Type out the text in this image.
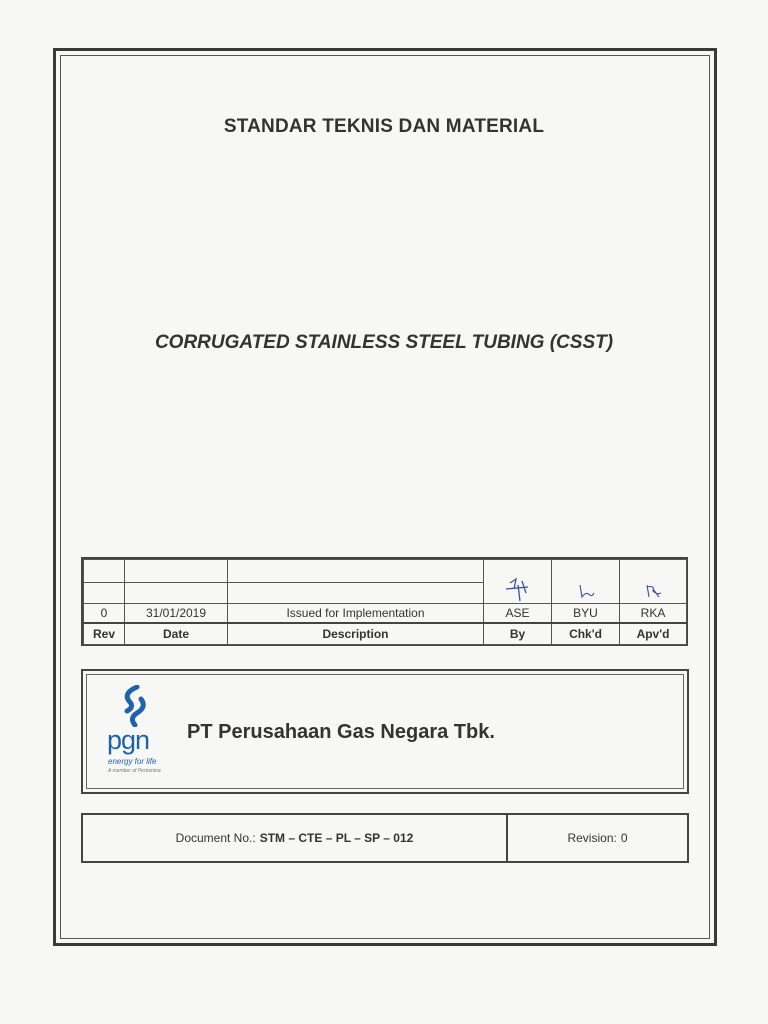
STANDAR TEKNIS DAN MATERIAL
CORRUGATED STAINLESS STEEL TUBING (CSST)

0	31/01/2019	Issued for Implementation	ASE	BYU	RKA
Rev	Date	Description	By	Chk'd	Apv'd
pgn
energy for life
A member of Pertamina
PT Perusahaan Gas Negara Tbk.
Document No.: STM – CTE – PL – SP – 012	Revision: 0
